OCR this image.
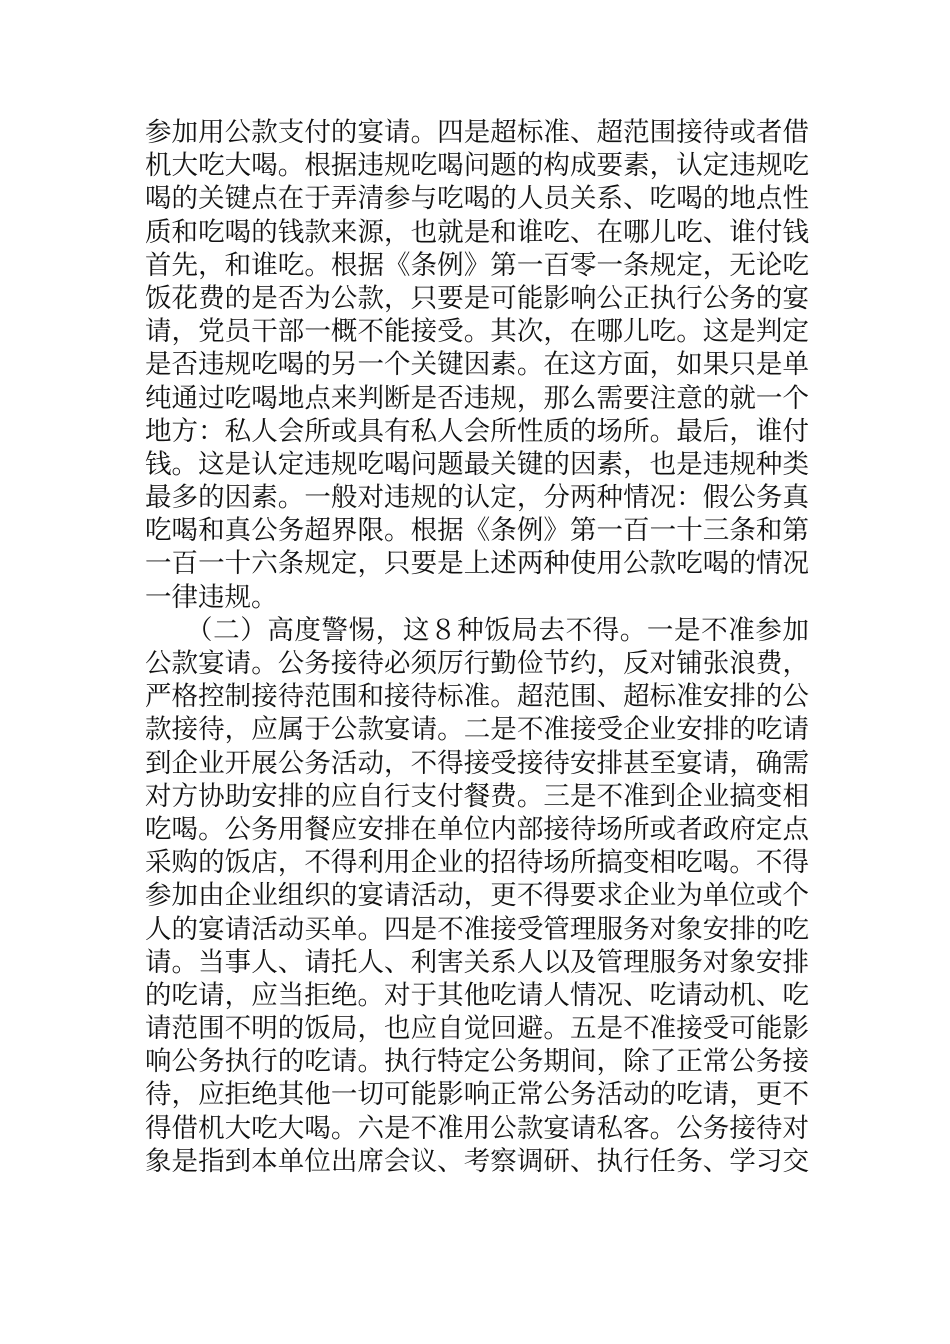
参加用公款支付的宴请。四是超标准、超范围接待或者借
机大吃大喝。根据违规吃喝问题的构成要素，认定违规吃
喝的关键点在于弄清参与吃喝的人员关系、吃喝的地点性
质和吃喝的钱款来源，也就是和谁吃、在哪儿吃、谁付钱
首先，和谁吃。根据《条例》第一百零一条规定，无论吃
饭花费的是否为公款，只要是可能影响公正执行公务的宴
请，党员干部一概不能接受。其次，在哪儿吃。这是判定
是否违规吃喝的另一个关键因素。在这方面，如果只是单
纯通过吃喝地点来判断是否违规，那么需要注意的就一个
地方：私人会所或具有私人会所性质的场所。最后，谁付
钱。这是认定违规吃喝问题最关键的因素，也是违规种类
最多的因素。一般对违规的认定，分两种情况：假公务真
吃喝和真公务超界限。根据《条例》第一百一十三条和第
一百一十六条规定，只要是上述两种使用公款吃喝的情况
一律违规。
　　（二）高度警惕，这８种饭局去不得。一是不准参加
公款宴请。公务接待必须厉行勤俭节约，反对铺张浪费，
严格控制接待范围和接待标准。超范围、超标准安排的公
款接待，应属于公款宴请。二是不准接受企业安排的吃请
到企业开展公务活动，不得接受接待安排甚至宴请，确需
对方协助安排的应自行支付餐费。三是不准到企业搞变相
吃喝。公务用餐应安排在单位内部接待场所或者政府定点
采购的饭店，不得利用企业的招待场所搞变相吃喝。不得
参加由企业组织的宴请活动，更不得要求企业为单位或个
人的宴请活动买单。四是不准接受管理服务对象安排的吃
请。当事人、请托人、利害关系人以及管理服务对象安排
的吃请，应当拒绝。对于其他吃请人情况、吃请动机、吃
请范围不明的饭局，也应自觉回避。五是不准接受可能影
响公务执行的吃请。执行特定公务期间，除了正常公务接
待，应拒绝其他一切可能影响正常公务活动的吃请，更不
得借机大吃大喝。六是不准用公款宴请私客。公务接待对
象是指到本单位出席会议、考察调研、执行任务、学习交
